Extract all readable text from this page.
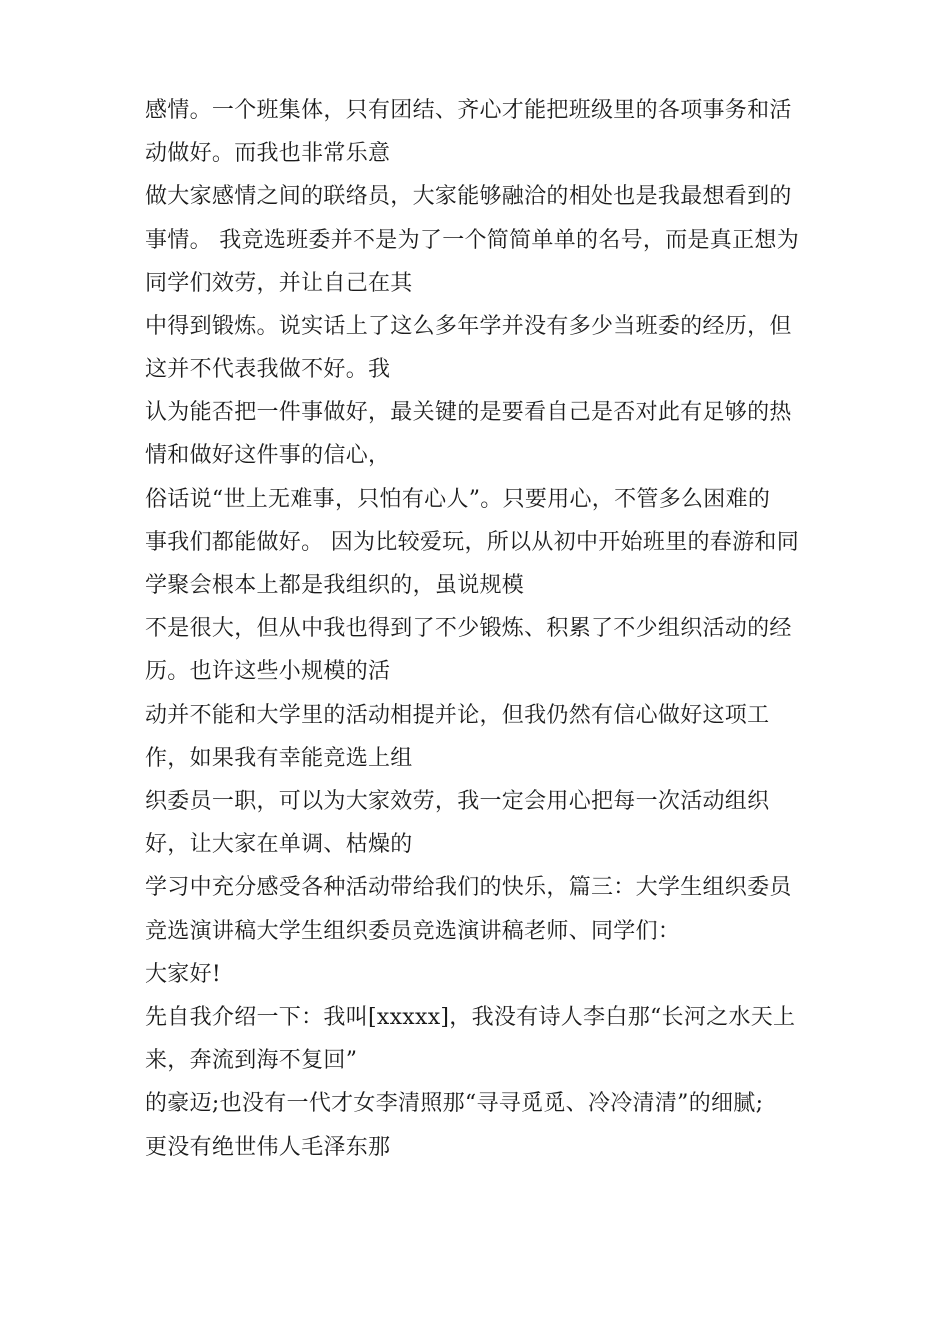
感情。一个班集体，只有团结、齐心才能把班级里的各项事务和活

动做好。而我也非常乐意

做大家感情之间的联络员，大家能够融洽的相处也是我最想看到的

事情。 我竞选班委并不是为了一个简简单单的名号，而是真正想为

同学们效劳，并让自己在其

中得到锻炼。说实话上了这么多年学并没有多少当班委的经历，但

这并不代表我做不好。我

认为能否把一件事做好，最关键的是要看自己是否对此有足够的热

情和做好这件事的信心，

俗话说“世上无难事，只怕有心人”。只要用心，不管多么困难的

事我们都能做好。 因为比较爱玩，所以从初中开始班里的春游和同

学聚会根本上都是我组织的，虽说规模

不是很大，但从中我也得到了不少锻炼、积累了不少组织活动的经

历。也许这些小规模的活

动并不能和大学里的活动相提并论，但我仍然有信心做好这项工

作，如果我有幸能竞选上组

织委员一职，可以为大家效劳，我一定会用心把每一次活动组织

好，让大家在单调、枯燥的

学习中充分感受各种活动带给我们的快乐，篇三：大学生组织委员

竞选演讲稿大学生组织委员竞选演讲稿老师、同学们：

大家好!

先自我介绍一下：我叫[xxxxx]，我没有诗人李白那“长河之水天上

来，奔流到海不复回”

的豪迈;也没有一代才女李清照那“寻寻觅觅、冷冷清清”的细腻;

更没有绝世伟人毛泽东那
